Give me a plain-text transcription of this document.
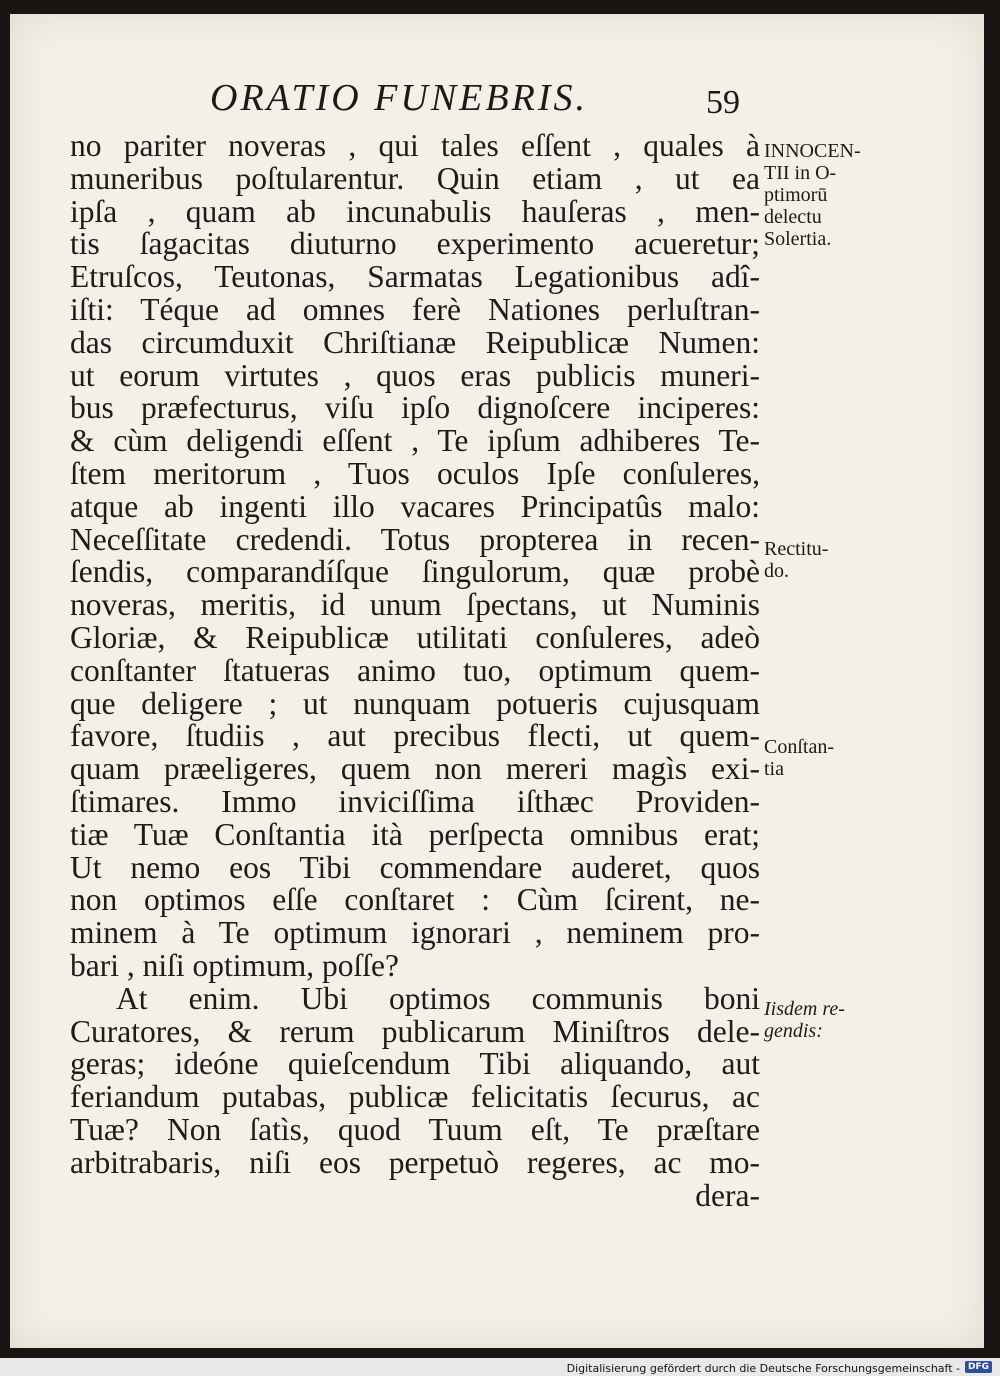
ORATIO FUNEBRIS.	59
no pariter noveras , qui tales eſſent , quales à
muneribus poſtularentur. Quin etiam , ut ea
ipſa , quam ab incunabulis hauſeras , men-
tis ſagacitas diuturno experimento acueretur;
Etruſcos, Teutonas, Sarmatas Legationibus adî-
iſti: Téque ad omnes ferè Nationes perluſtran-
das circumduxit Chriſtianæ Reipublicæ Numen:
ut eorum virtutes , quos eras publicis muneri-
bus præfecturus, viſu ipſo dignoſcere inciperes:
& cùm deligendi eſſent , Te ipſum adhiberes Te-
ſtem meritorum , Tuos oculos Ipſe conſuleres,
atque ab ingenti illo vacares Principatûs malo:
Neceſſitate credendi. Totus propterea in recen-
ſendis, comparandíſque ſingulorum, quæ probè
noveras, meritis, id unum ſpectans, ut Numinis
Gloriæ, & Reipublicæ utilitati conſuleres, adeò
conſtanter ſtatueras animo tuo, optimum quem-
que deligere ; ut nunquam potueris cujusquam
favore, ſtudiis , aut precibus flecti, ut quem-
quam præeligeres, quem non mereri magìs exi-
ſtimares. Immo inviciſſima iſthæc Providen-
tiæ Tuæ Conſtantia ità perſpecta omnibus erat;
Ut nemo eos Tibi commendare auderet, quos
non optimos eſſe conſtaret : Cùm ſcirent, ne-
minem à Te optimum ignorari , neminem pro-
bari , niſi optimum, poſſe?
At enim. Ubi optimos communis boni
Curatores, & rerum publicarum Miniſtros dele-
geras; ideóne quieſcendum Tibi aliquando, aut
feriandum putabas, publicæ felicitatis ſecurus, ac
Tuæ? Non ſatìs, quod Tuum eſt, Te præſtare
arbitrabaris, niſi eos perpetuò regeres, ac mo-
dera-
INNOCEN-
TII in O-
ptimorū
delectu
Solertia.
Rectitu-
do.
Conſtan-
tia
Iisdem re-
gendis:
Digitalisierung gefördert durch die Deutsche Forschungsgemeinschaft - DFG
